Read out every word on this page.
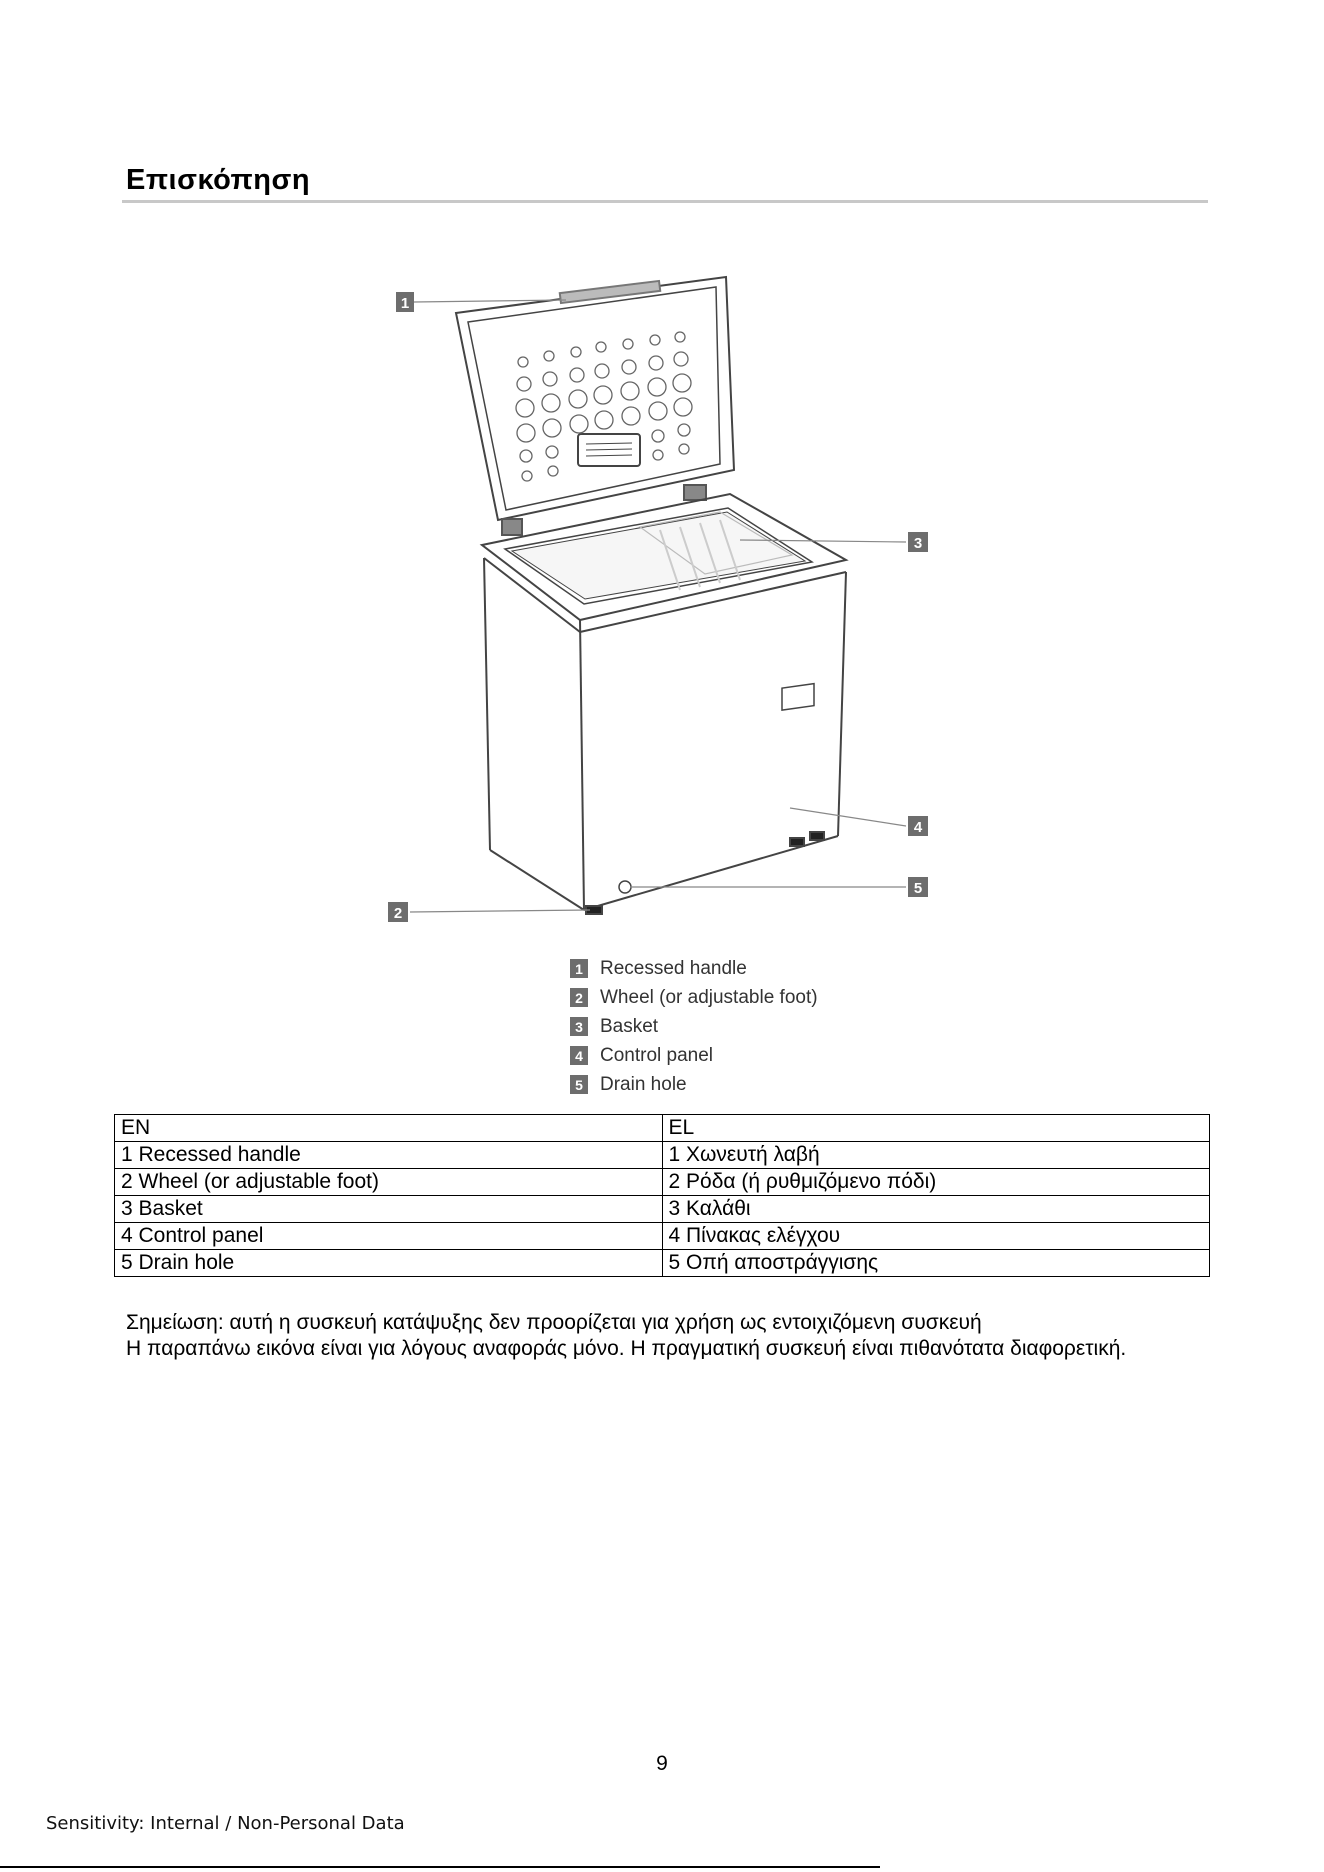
Επισκόπηση
1
2
3
4
5
1 Recessed handle
2 Wheel (or adjustable foot)
3 Basket
4 Control panel
5 Drain hole
EN	EL
1 Recessed handle	1 Χωνευτή λαβή
2 Wheel (or adjustable foot)	2 Ρόδα (ή ρυθμιζόμενο πόδι)
3 Basket	3 Καλάθι
4 Control panel	4 Πίνακας ελέγχου
5 Drain hole	5 Οπή αποστράγγισης

Σημείωση: αυτή η συσκευή κατάψυξης δεν προορίζεται για χρήση ως εντοιχιζόμενη συσκευή

Η παραπάνω εικόνα είναι για λόγους αναφοράς μόνο. Η πραγματική συσκευή είναι πιθανότατα διαφορετική.

9
Sensitivity: Internal / Non-Personal Data
